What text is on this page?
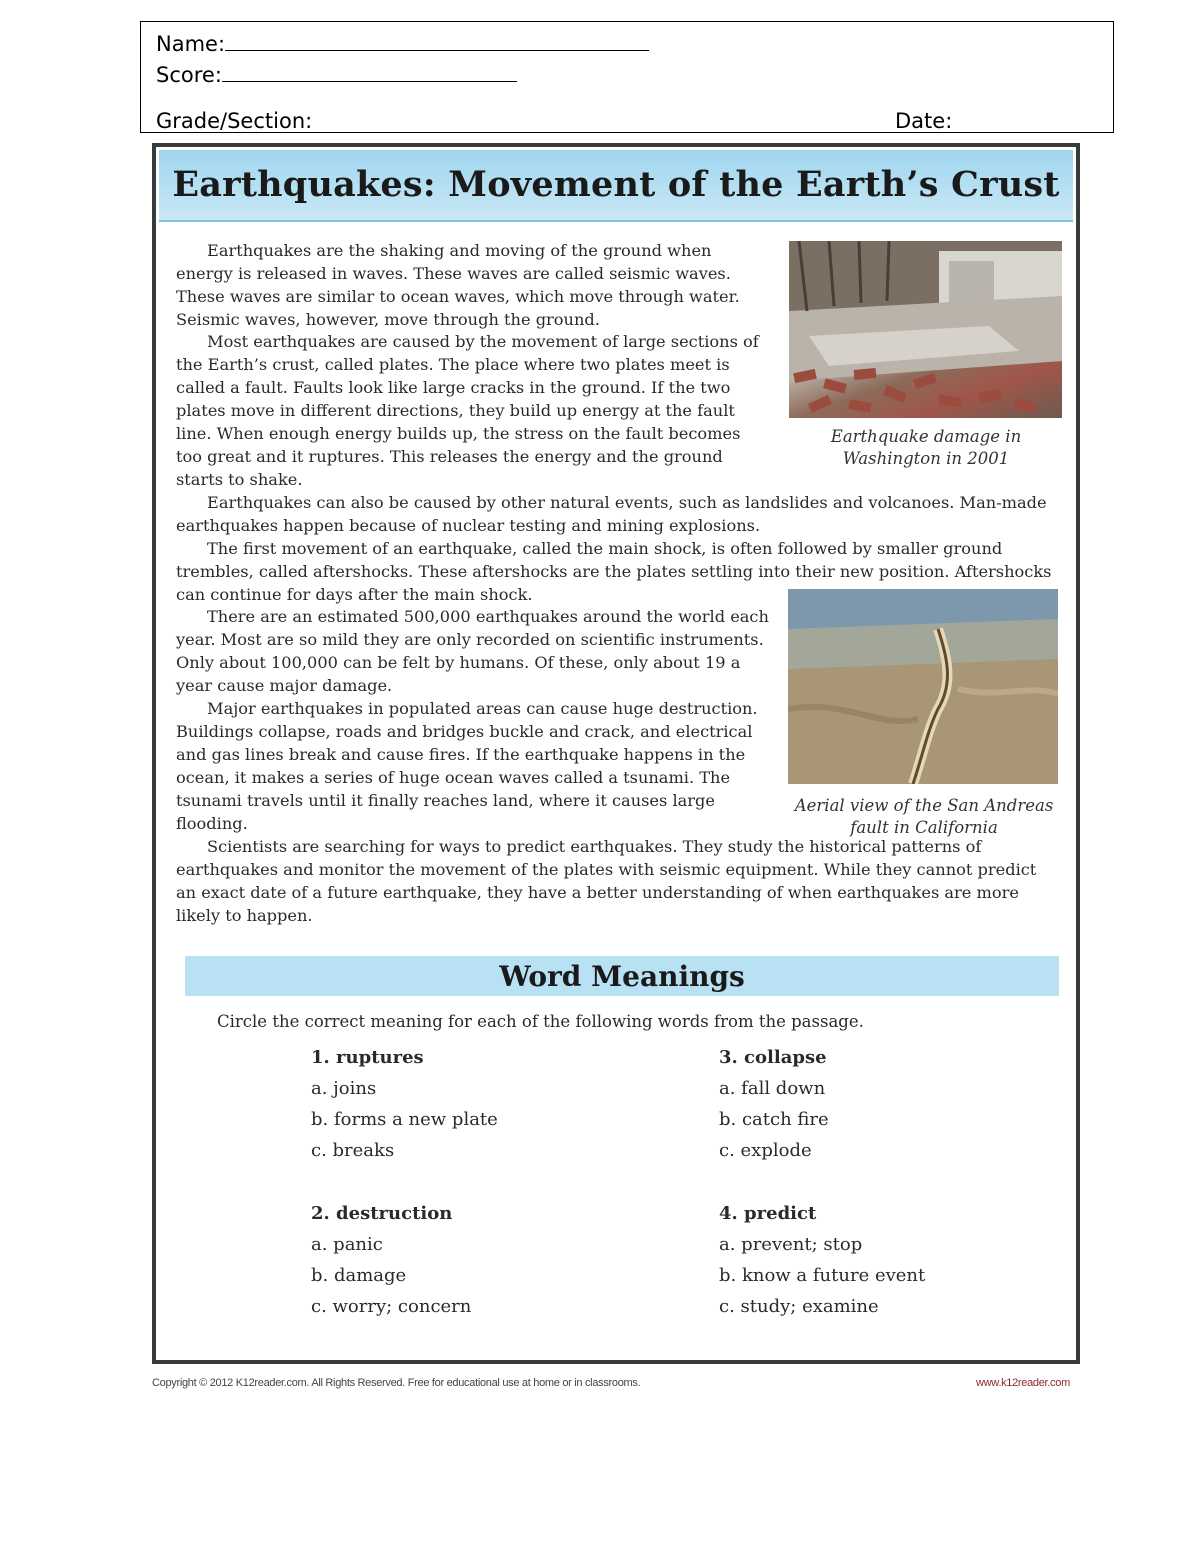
Name:
Score:
Grade/Section:	Date:
Earthquakes: Movement of the Earth’s Crust

Earthquakes are the shaking and moving of the ground when energy is released in waves. These waves are called seismic waves. These waves are similar to ocean waves, which move through water. Seismic waves, however, move through the ground.

Most earthquakes are caused by the movement of large sections of the Earth’s crust, called plates. The place where two plates meet is called a fault. Faults look like large cracks in the ground. If the two plates move in different directions, they build up energy at the fault line. When enough energy builds up, the stress on the fault becomes too great and it ruptures. This releases the energy and the ground starts to shake.

Earthquakes can also be caused by other natural events, such as landslides and volcanoes. Man-made earthquakes happen because of nuclear testing and mining explosions.

The first movement of an earthquake, called the main shock, is often followed by smaller ground trembles, called aftershocks. These aftershocks are the plates settling into their new position. Aftershocks can continue for days after the main shock.

There are an estimated 500,000 earthquakes around the world each year. Most are so mild they are only recorded on scientific instruments. Only about 100,000 can be felt by humans. Of these, only about 19 a year cause major damage.

Major earthquakes in populated areas can cause huge destruction. Buildings collapse, roads and bridges buckle and crack, and electrical and gas lines break and cause fires. If the earthquake happens in the ocean, it makes a series of huge ocean waves called a tsunami. The tsunami travels until it finally reaches land, where it causes large flooding.

Scientists are searching for ways to predict earthquakes. They study the historical patterns of earthquakes and monitor the movement of the plates with seismic equipment. While they cannot predict an exact date of a future earthquake, they have a better understanding of when earthquakes are more likely to happen.

Earthquake damage in Washington in 2001
Aerial view of the San Andreas fault in California
Word Meanings
Circle the correct meaning for each of the following words from the passage.
1. ruptures
a. joins
b. forms a new plate
c. breaks
2. destruction
a. panic
b. damage
c. worry; concern
3. collapse
a. fall down
b. catch fire
c. explode
4. predict
a. prevent; stop
b. know a future event
c. study; examine
Copyright © 2012 K12reader.com. All Rights Reserved. Free for educational use at home or in classrooms.	www.k12reader.com
